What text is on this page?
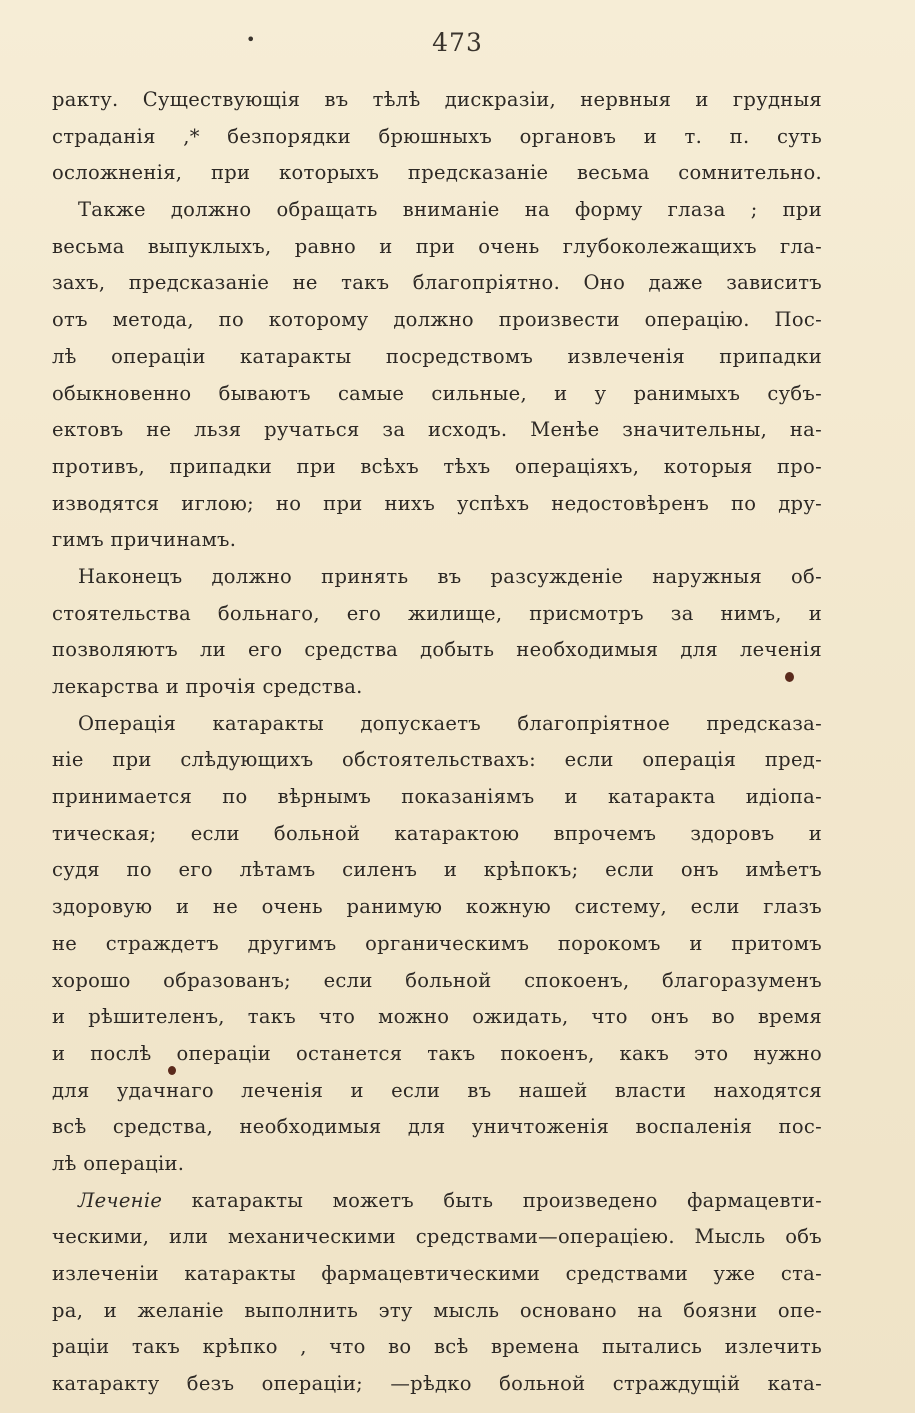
•	473
ракту. Существующія въ тѣлѣ дискразіи, нервныя и грудныя
страданія ,* безпорядки брюшныхъ органовъ и т. п. суть
осложненія, при которыхъ предсказаніе весьма сомнительно.
Также должно обращать вниманіе на форму глаза ; при
весьма выпуклыхъ, равно и при очень глубоколежащихъ гла-
захъ, предсказаніе не такъ благопріятно. Оно даже зависитъ
отъ метода, по которому должно произвести операцію. Пос-
лѣ операціи катаракты посредствомъ извлеченія припадки
обыкновенно бываютъ самые сильные, и у ранимыхъ субъ-
ектовъ не льзя ручаться за исходъ. Менѣе значительны, на-
противъ, припадки при всѣхъ тѣхъ операціяхъ, которыя про-
изводятся иглою; но при нихъ успѣхъ недостовѣренъ по дру-
гимъ причинамъ.
Наконецъ должно принять въ разсужденіе наружныя об-
стоятельства больнаго, его жилище, присмотръ за нимъ, и
позволяютъ ли его средства добыть необходимыя для леченія
лекарства и прочія средства.
Операція катаракты допускаетъ благопріятное предсказа-
ніе при слѣдующихъ обстоятельствахъ: если операція пред-
принимается по вѣрнымъ показаніямъ и катаракта идіопа-
тическая; если больной катарактою впрочемъ здоровъ и
судя по его лѣтамъ силенъ и крѣпокъ; если онъ имѣетъ
здоровую и не очень ранимую кожную систему, если глазъ
не страждетъ другимъ органическимъ порокомъ и притомъ
хорошо образованъ; если больной спокоенъ, благоразуменъ
и рѣшителенъ, такъ что можно ожидать, что онъ во время
и послѣ операціи останется такъ покоенъ, какъ это нужно
для удачнаго леченія и если въ нашей власти находятся
всѣ средства, необходимыя для уничтоженія воспаленія пос-
лѣ операціи.
Леченіе катаракты можетъ быть произведено фармацевти-
ческими, или механическими средствами—операціею. Мысль объ
излеченіи катаракты фармацевтическими средствами уже ста-
ра, и желаніе выполнить эту мысль основано на боязни опе-
раціи такъ крѣпко , что во всѣ времена пытались излечить
катаракту безъ операціи; —рѣдко больной страждущій ката-
